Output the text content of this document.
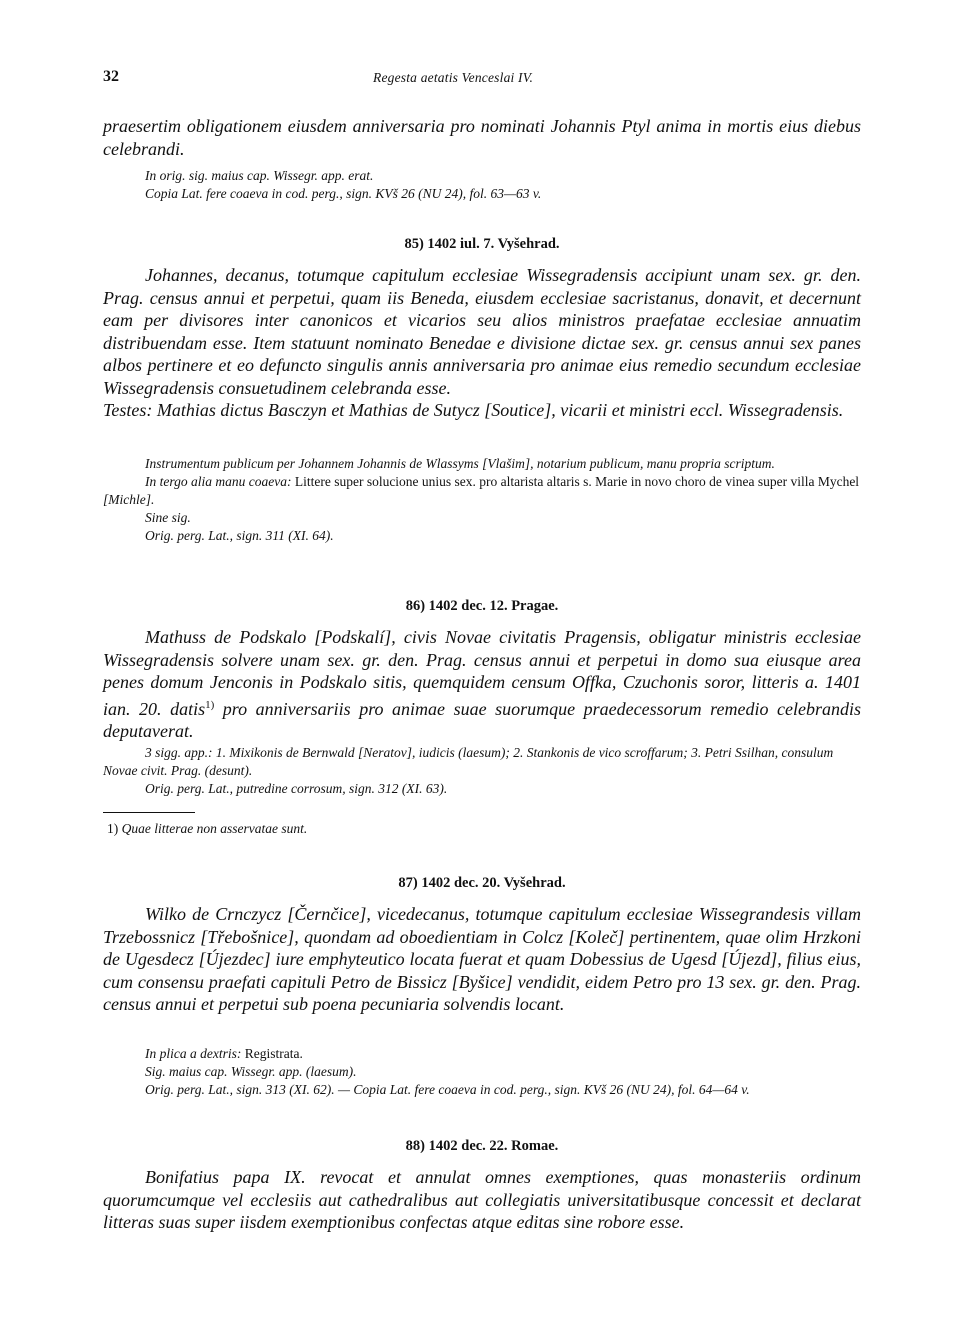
32	Regesta aetatis Venceslai IV.

praesertim obligationem eiusdem anniversaria pro nominati Johannis Ptyl anima in mortis eius diebus celebrandi.

In orig. sig. maius cap. Wissegr. app. erat.

Copia Lat. fere coaeva in cod. perg., sign. KVš 26 (NU 24), fol. 63—63 v.

85) 1402 iul. 7. Vyšehrad.

Johannes, decanus, totumque capitulum ecclesiae Wissegradensis accipiunt unam sex. gr. den. Prag. census annui et perpetui, quam iis Beneda, eiusdem ecclesiae sacristanus, donavit, et decernunt eam per divisores inter canonicos et vicarios seu alios ministros praefatae ecclesiae annuatim distribuendam esse. Item statuunt nominato Benedae e divisione dictae sex. gr. census annui sex panes albos pertinere et eo defuncto singulis annis anniversaria pro animae eius remedio secundum ecclesiae Wissegradensis consuetudinem celebranda esse.

Testes: Mathias dictus Basczyn et Mathias de Sutycz [Soutice], vicarii et ministri eccl. Wissegradensis.

Instrumentum publicum per Johannem Johannis de Wlassyms [Vlašim], notarium publicum, manu propria scriptum.

In tergo alia manu coaeva: Littere super solucione unius sex. pro altarista altaris s. Marie in novo choro de vinea super villa Mychel [Michle].

Sine sig.

Orig. perg. Lat., sign. 311 (XI. 64).

86) 1402 dec. 12. Pragae.

Mathuss de Podskalo [Podskalí], civis Novae civitatis Pragensis, obligatur ministris ecclesiae Wissegradensis solvere unam sex. gr. den. Prag. census annui et perpetui in domo sua eiusque area penes domum Jenconis in Podskalo sitis, quemquidem censum Offka, Czuchonis soror, litteris a. 1401 ian. 20. datis$^{1)}$ pro anniversariis pro animae suae suorumque praedecessorum remedio celebrandis deputaverat.

3 sigg. app.: 1. Mixikonis de Bernwald [Neratov], iudicis (laesum); 2. Stankonis de vico scroffarum; 3. Petri Ssilhan, consulum Novae civit. Prag. (desunt).

Orig. perg. Lat., putredine corrosum, sign. 312 (XI. 63).

1) Quae litterae non asservatae sunt.

87) 1402 dec. 20. Vyšehrad.

Wilko de Crnczycz [Černčice], vicedecanus, totumque capitulum ecclesiae Wissegrandesis villam Trzebossnicz [Třebošnice], quondam ad oboedientiam in Colcz [Koleč] pertinentem, quae olim Hrzkoni de Ugesdecz [Újezdec] iure emphyteutico locata fuerat et quam Dobessius de Ugesd [Újezd], filius eius, cum consensu praefati capituli Petro de Bissicz [Byšice] vendidit, eidem Petro pro 13 sex. gr. den. Prag. census annui et perpetui sub poena pecuniaria solvendis locant.

In plica a dextris: Registrata.

Sig. maius cap. Wissegr. app. (laesum).

Orig. perg. Lat., sign. 313 (XI. 62). — Copia Lat. fere coaeva in cod. perg., sign. KVš 26 (NU 24), fol. 64—64 v.

88) 1402 dec. 22. Romae.

Bonifatius papa IX. revocat et annulat omnes exemptiones, quas monasteriis ordinum quorumcumque vel ecclesiis aut cathedralibus aut collegiatis universitatibusque concessit et declarat litteras suas super iisdem exemptionibus confectas atque editas sine robore esse.
